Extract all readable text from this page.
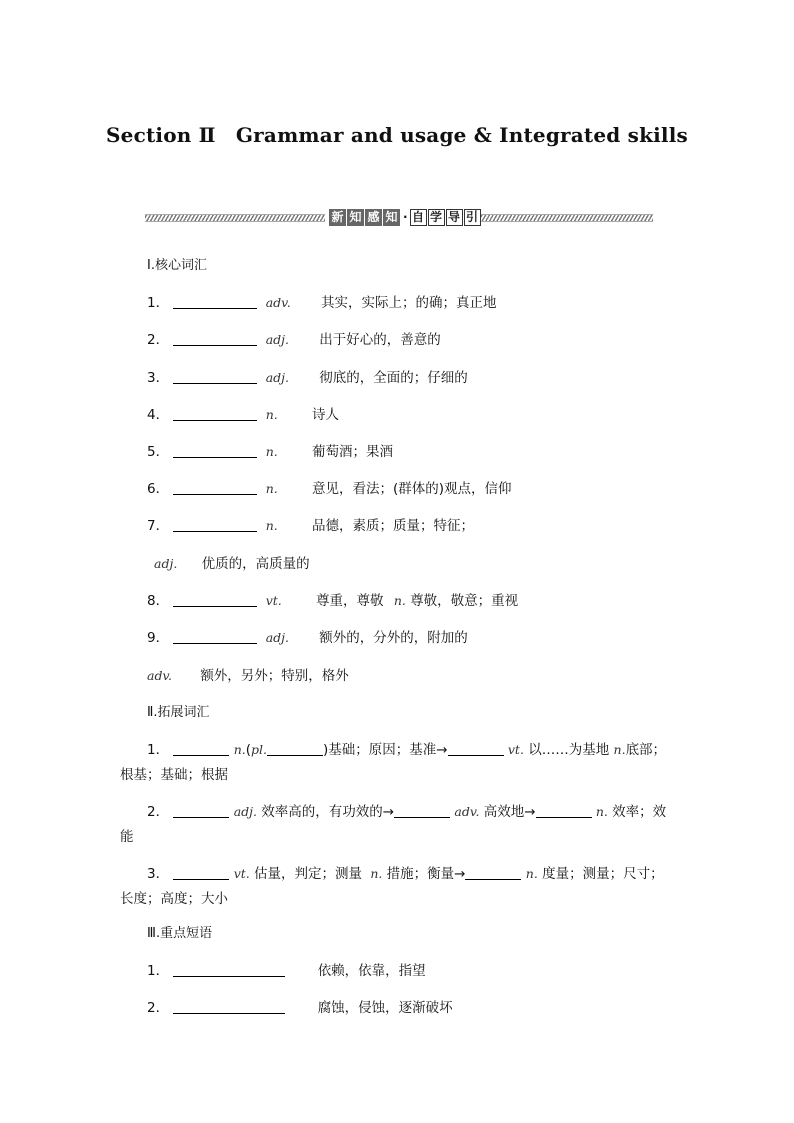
Section Ⅱ　Grammar and usage & Integrated skills
新 知 感 知 · 自 学 导 引
Ⅰ.核心词汇
1．	adv. 其实，实际上；的确；真正地
2．	adj. 出于好心的，善意的
3．	adj. 彻底的，全面的；仔细的
4．	n.	诗人
5．	n.	葡萄酒；果酒
6．	n.	意见，看法；(群体的)观点，信仰
7．	n.	品德，素质；质量；特征；
adj. 优质的，高质量的
8．	vt.	尊重，尊敬 n. 尊敬，敬意；重视
9．	adj. 额外的，分外的，附加的
adv. 额外，另外；特别，格外
Ⅱ.拓展词汇
1．	n.(pl.	)基础；原因；基准→	vt. 以……为基地 n.底部；
根基；基础；根据
2．	adj. 效率高的，有功效的→	adv. 高效地→	n. 效率；效
能
3．	vt. 估量，判定；测量 n. 措施；衡量→	n. 度量；测量；尺寸；
长度；高度；大小
Ⅲ.重点短语
1．	依赖，依靠，指望
2．	腐蚀，侵蚀，逐渐破坏
